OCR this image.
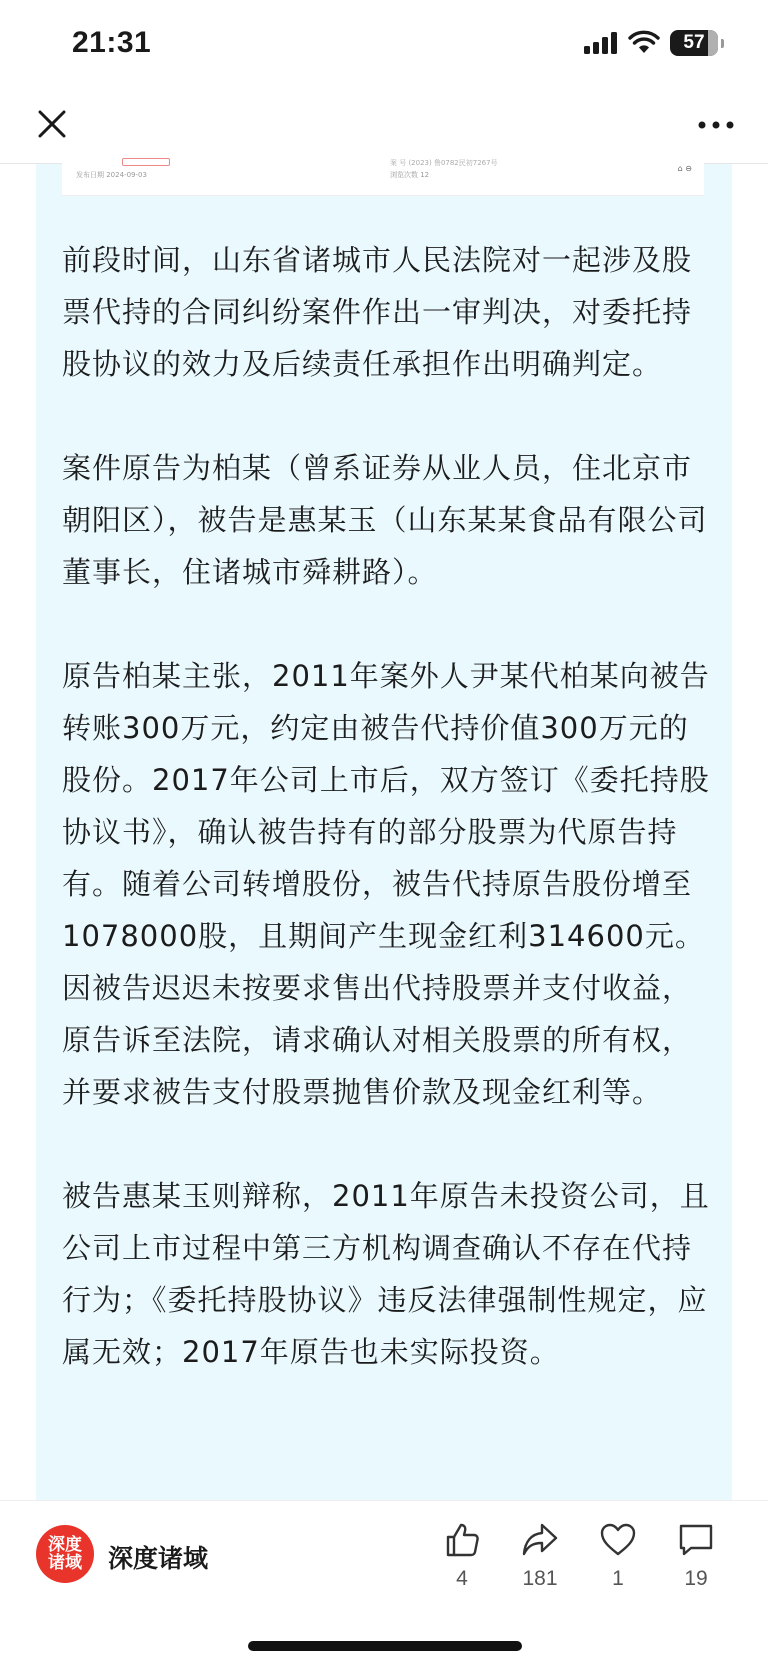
21:31	57
发布日期 2024-09-03
案 号 (2023) 鲁0782民初7267号
浏览次数 12
⌂ ⊖

前段时间，山东省诸城市人民法院对一起涉及股票代持的合同纠纷案件作出一审判决，对委托持股协议的效力及后续责任承担作出明确判定。

案件原告为柏某（曾系证券从业人员，住北京市朝阳区），被告是惠某玉（山东某某食品有限公司董事长，住诸城市舜耕路）。

原告柏某主张，2011年案外人尹某代柏某向被告转账300万元，约定由被告代持价值300万元的股份。2017年公司上市后，双方签订《委托持股协议书》，确认被告持有的部分股票为代原告持有。随着公司转增股份，被告代持原告股份增至1078000股，且期间产生现金红利314600元。因被告迟迟未按要求售出代持股票并支付收益，原告诉至法院，请求确认对相关股票的所有权，并要求被告支付股票抛售价款及现金红利等。

被告惠某玉则辩称，2011年原告未投资公司，且公司上市过程中第三方机构调查确认不存在代持行为；《委托持股协议》违反法律强制性规定，应属无效；2017年原告也未实际投资。

深度
诸域 深度诸域
4	181	1	19
